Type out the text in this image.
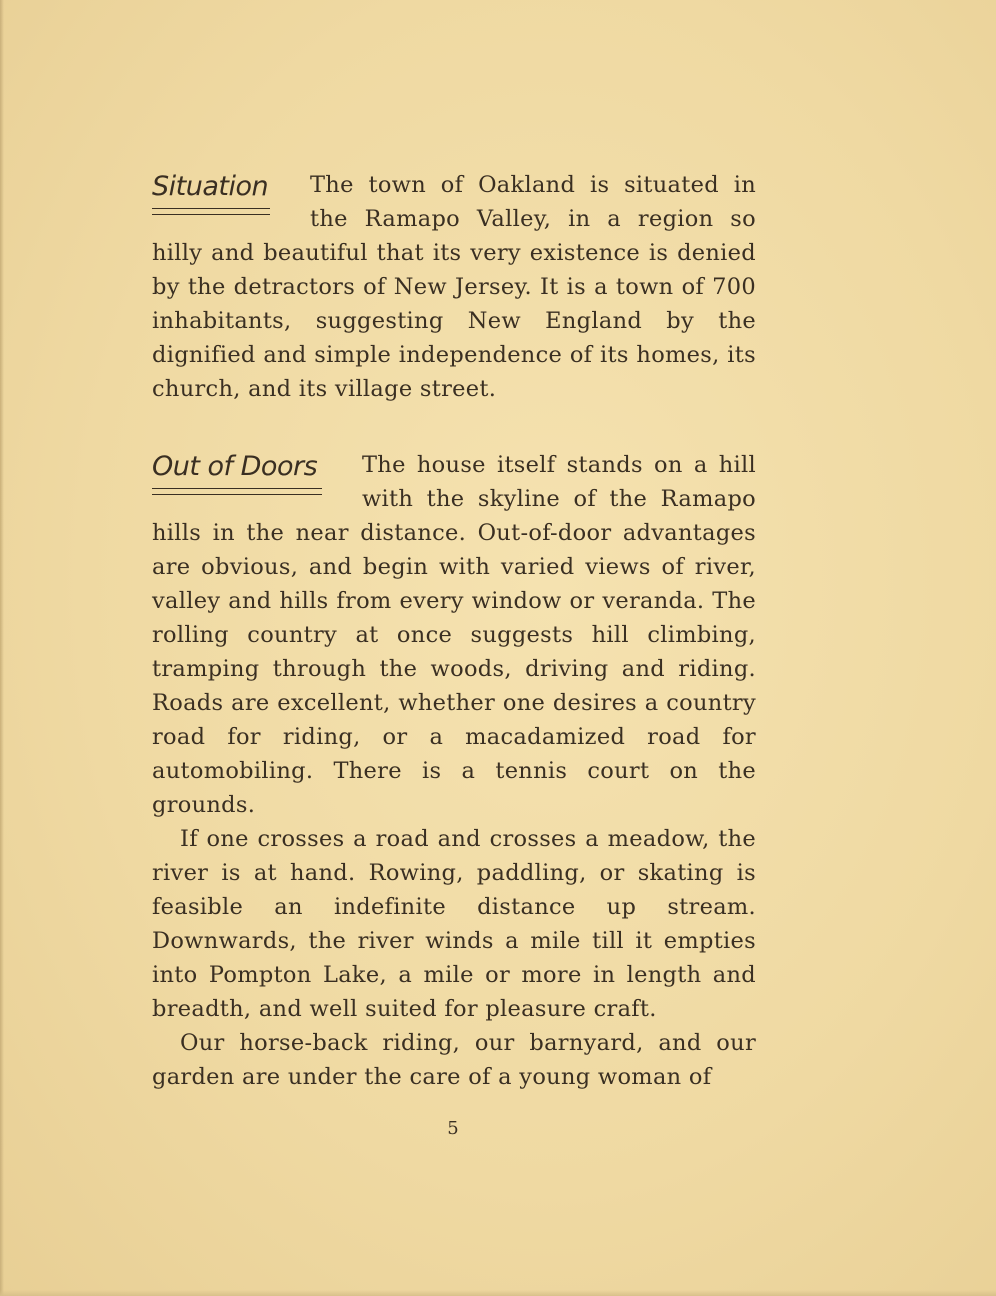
Situation	The town of Oakland is situated in the Ramapo Valley, in a region so hilly and beautiful that its very existence is denied by the detractors of New Jersey. It is a town of 700 inhabitants, suggesting New England by the dignified and simple independence of its homes, its church, and its village street.

Out of Doors	The house itself stands on a hill with the skyline of the Ramapo hills in the near distance. Out-of-door advantages are obvious, and begin with varied views of river, valley and hills from every window or veranda. The rolling country at once suggests hill climbing, tramping through the woods, driving and riding. Roads are excellent, whether one desires a country road for riding, or a macadamized road for automobiling. There is a tennis court on the grounds.

If one crosses a road and crosses a meadow, the river is at hand. Rowing, paddling, or skating is feasible an indefinite distance up stream. Downwards, the river winds a mile till it empties into Pompton Lake, a mile or more in length and breadth, and well suited for pleasure craft.

Our horse-back riding, our barnyard, and our garden are under the care of a young woman of

5
